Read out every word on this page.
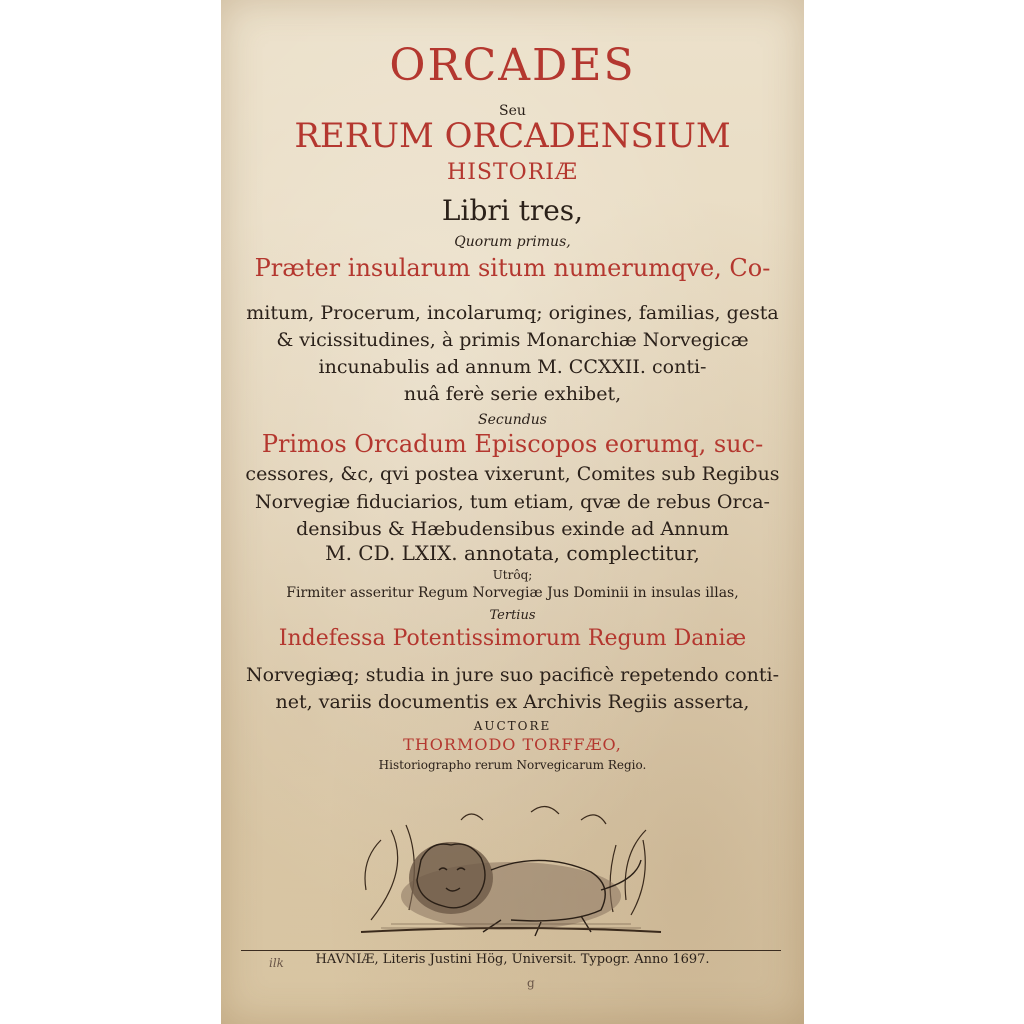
ORCADES
Seu
RERUM ORCADENSIUM
HISTORIÆ
Libri tres,
Quorum primus,
Præter insularum situm numerumqve, Co-
mitum, Procerum, incolarumq; origines, familias, gesta
& vicissitudines, à primis Monarchiæ Norvegicæ
incunabulis ad annum M. CCXXII. conti-
nuâ ferè serie exhibet,
Secundus
Primos Orcadum Episcopos eorumq, suc-
cessores, &c, qvi postea vixerunt, Comites sub Regibus
Norvegiæ fiduciarios, tum etiam, qvæ de rebus Orca-
densibus & Hæbudensibus exinde ad Annum
M. CD. LXIX. annotata, complectitur,
Utrôq;
Firmiter asseritur Regum Norvegiæ Jus Dominii in insulas illas,
Tertius
Indefessa Potentissimorum Regum Daniæ
Norvegiæq; studia in jure suo pacificè repetendo conti-
net, variis documentis ex Archivis Regiis asserta,
AUCTORE
THORMODO TORFFÆO,
Historiographo rerum Norvegicarum Regio.
HAVNIÆ, Literis Justini Hög, Universit. Typogr. Anno 1697.
ilk
g
